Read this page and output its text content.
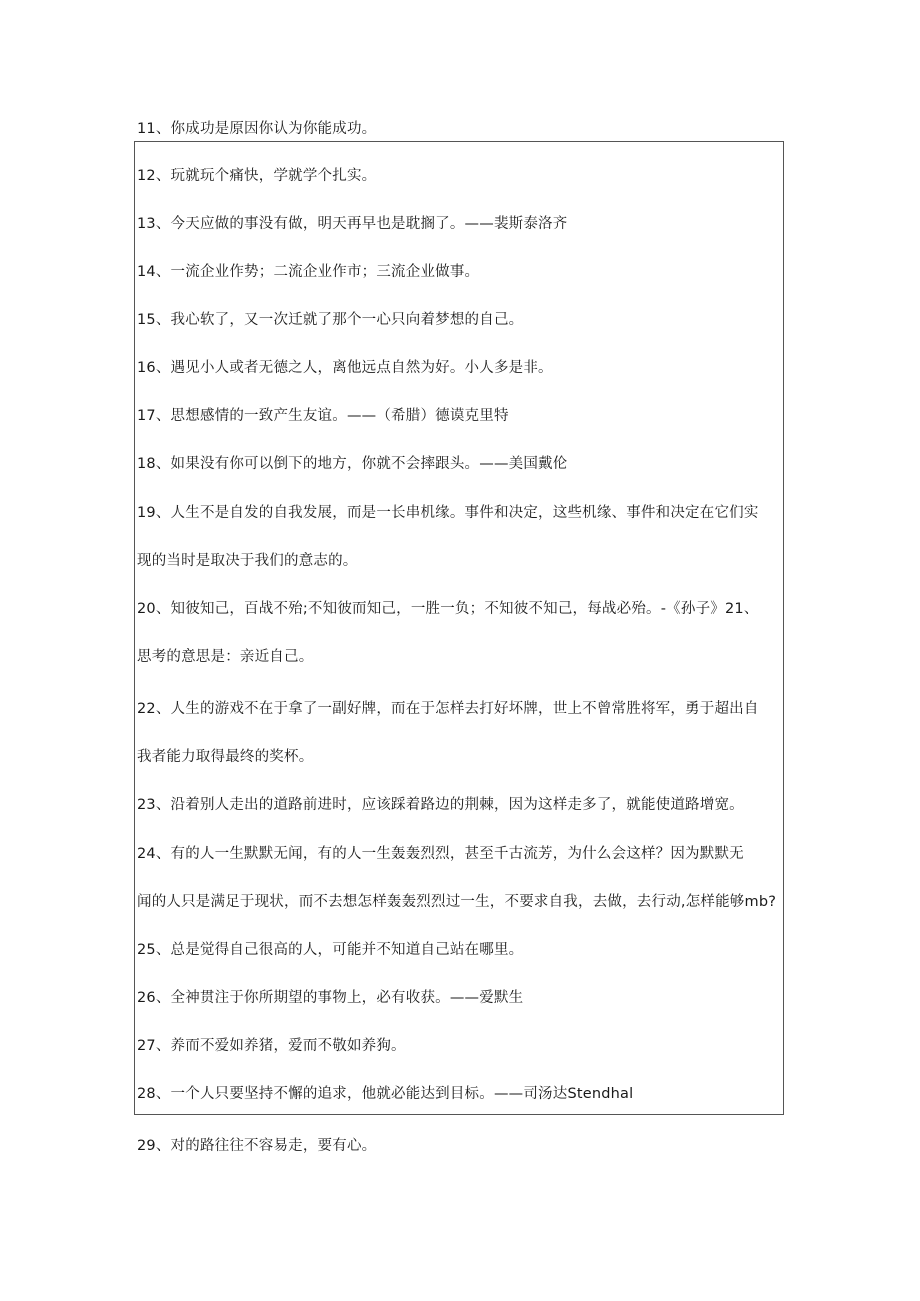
11、你成功是原因你认为你能成功。
12、玩就玩个痛快，学就学个扎实。
13、今天应做的事没有做，明天再早也是耽搁了。——裴斯泰洛齐
14、一流企业作势；二流企业作市；三流企业做事。
15、我心软了，又一次迁就了那个一心只向着梦想的自己。
16、遇见小人或者无德之人，离他远点自然为好。小人多是非。
17、思想感情的一致产生友谊。——（希腊）德谟克里特
18、如果没有你可以倒下的地方，你就不会摔跟头。——美国戴伦
19、人生不是自发的自我发展，而是一长串机缘。事件和决定，这些机缘、事件和决定在它们实
现的当时是取决于我们的意志的。
20、知彼知己，百战不殆;不知彼而知己，一胜一负；不知彼不知己，每战必殆。-《孙子》21、
思考的意思是：亲近自己。
22、人生的游戏不在于拿了一副好牌，而在于怎样去打好坏牌，世上不曾常胜将军，勇于超出自
我者能力取得最终的奖杯。
23、沿着别人走出的道路前进时，应该踩着路边的荆棘，因为这样走多了，就能使道路增宽。
24、有的人一生默默无闻，有的人一生轰轰烈烈，甚至千古流芳，为什么会这样？因为默默无
闻的人只是满足于现状，而不去想怎样轰轰烈烈过一生，不要求自我，去做，去行动,怎样能够mb?
25、总是觉得自己很高的人，可能并不知道自己站在哪里。
26、全神贯注于你所期望的事物上，必有收获。——爱默生
27、养而不爱如养猪，爱而不敬如养狗。
28、一个人只要坚持不懈的追求，他就必能达到目标。——司汤达Stendhal
29、对的路往往不容易走，要有心。
